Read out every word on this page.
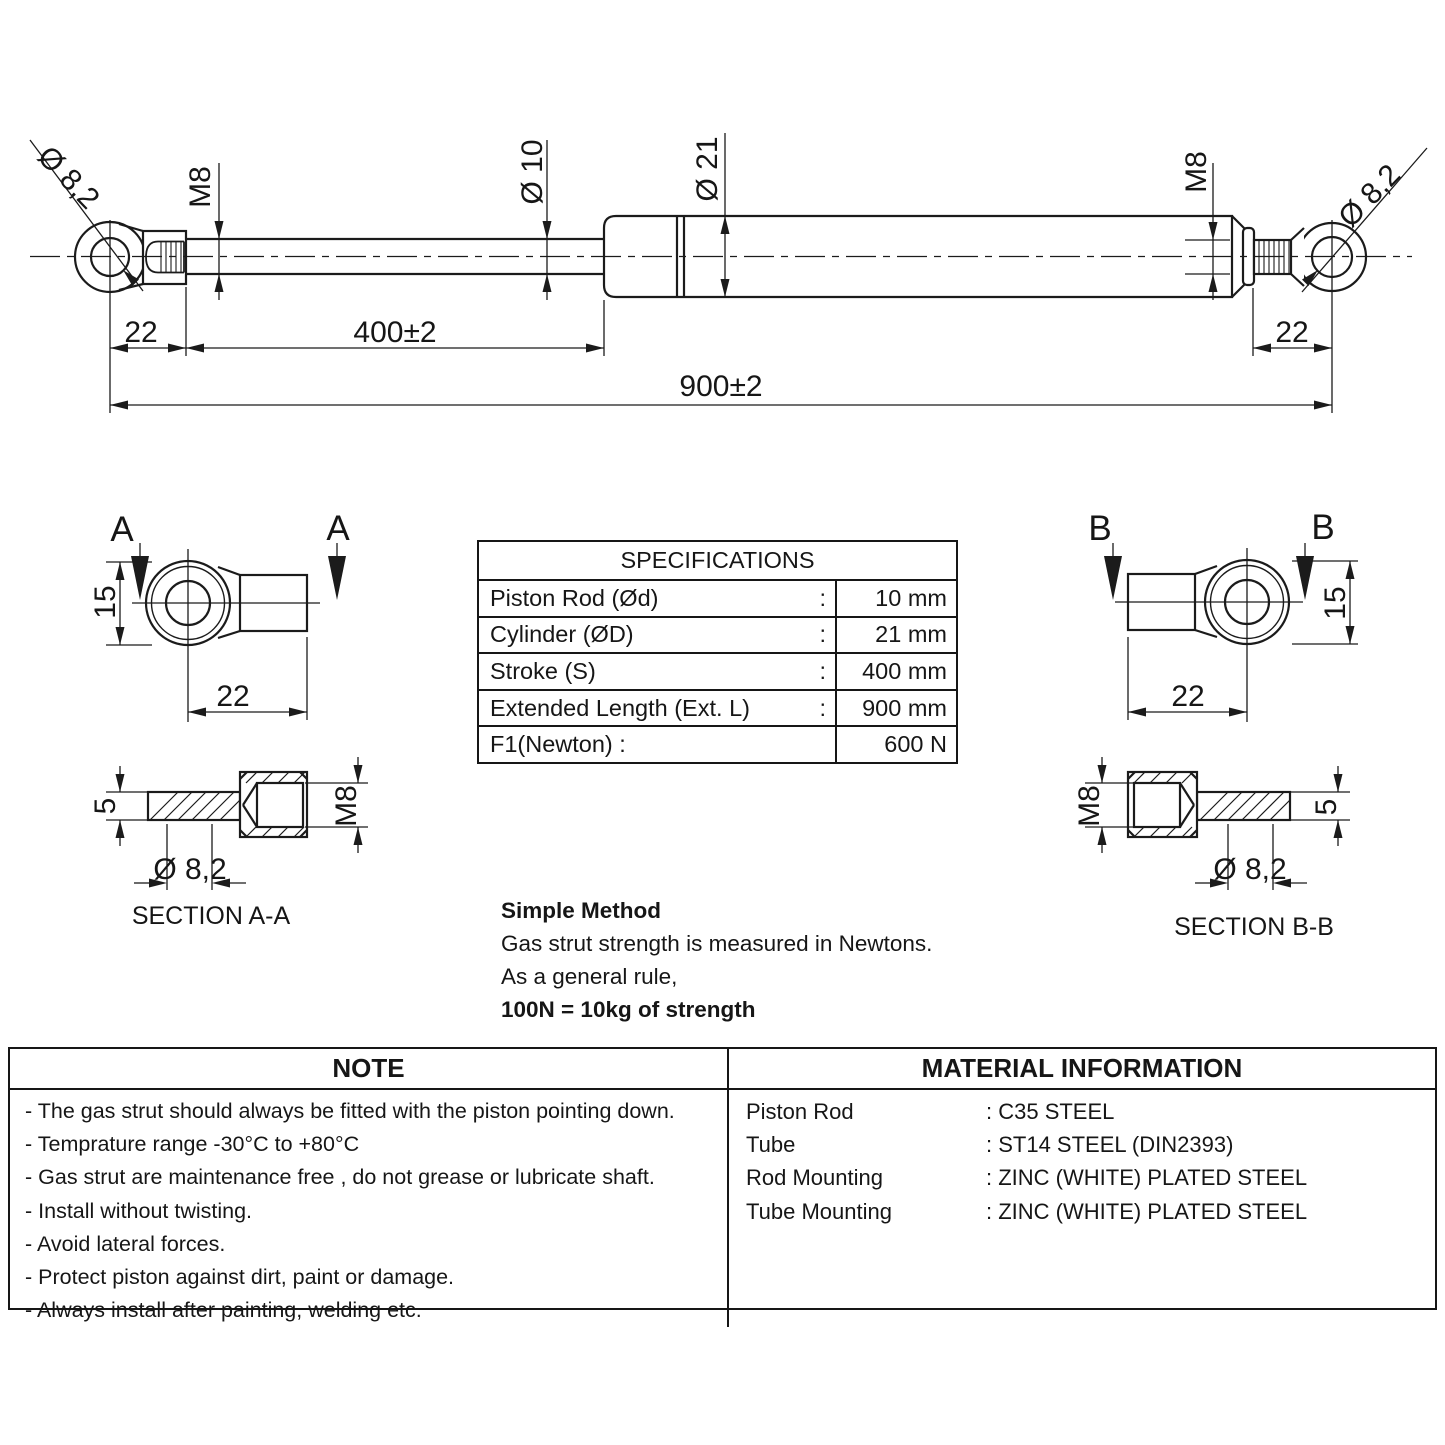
22	400±2
900±2
22
M8	Ø 10	Ø 21	M8
Ø 8,2	Ø 8,2
A	A
15
22
5	M8
Ø 8,2
SECTION A-A
B	B
15
22
5
M8
Ø 8,2
SECTION B-B
SPECIFICATIONS
Piston Rod (Ød)	:	10 mm
Cylinder (ØD)	:	21 mm
Stroke (S)	:	400 mm
Extended Length (Ext. L)	:	900 mm
F1(Newton) :	600 N
Simple Method
Gas strut strength is measured in Newtons.
As a general rule,
100N = 10kg of strength
NOTE	MATERIAL INFORMATION
- The gas strut should always be fitted with the piston pointing down.
- Temprature range -30°C to +80°C
- Gas strut are maintenance free , do not grease or lubricate shaft.
- Install without twisting.
- Avoid lateral forces.
- Protect piston against dirt, paint or damage.
- Always install after painting, welding etc.
Piston Rod	: C35 STEEL
Tube	: ST14 STEEL (DIN2393)
Rod Mounting	: ZINC (WHITE) PLATED STEEL
Tube Mounting	: ZINC (WHITE) PLATED STEEL
